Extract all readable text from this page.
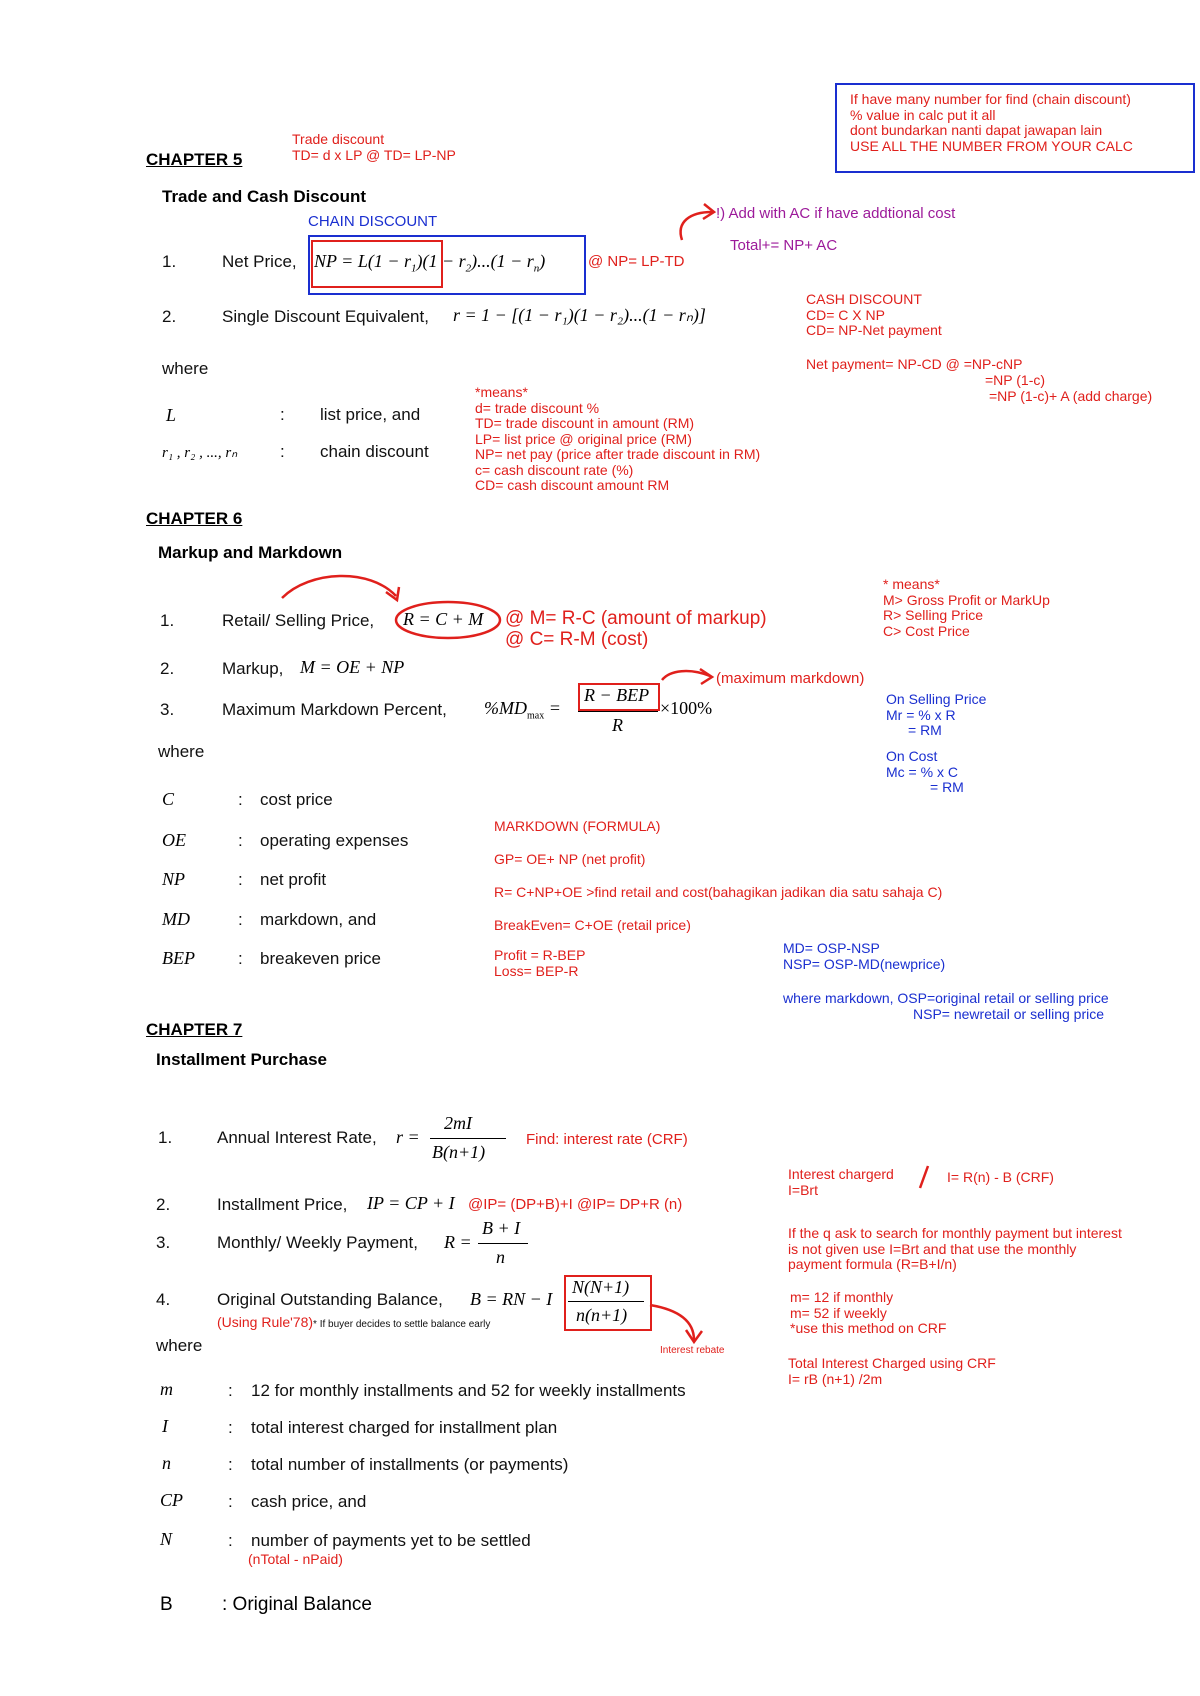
If have many number for find (chain discount)
% value in calc put it all
dont bundarkan nanti dapat jawapan lain
USE ALL THE NUMBER FROM YOUR CALC
CHAPTER 5
Trade discount
TD= d x LP @ TD= LP-NP
Trade and Cash Discount
CHAIN DISCOUNT	!) Add with AC if have addtional cost
Total+= NP+ AC
1.	Net Price, NP = $L(1 - r_1)(1 - r_2)...(1 - r_n)$	@ NP= LP-TD
2.	Single Discount Equivalent, r = 1 − [(1 − r₁)(1 − r₂)...(1 − rₙ)]
where
L	: list price, and
r₁ , r₂ , ..., rₙ	: chain discount
CASH DISCOUNT
CD= C X NP
CD= NP-Net payment
Net payment= NP-CD @ =NP-cNP
=NP (1-c)
=NP (1-c)+ A (add charge)
*means*
d= trade discount %
TD= trade discount in amount (RM)
LP= list price @ original price (RM)
NP= net pay (price after trade discount in RM)
c= cash discount rate (%)
CD= cash discount amount RM
CHAPTER 6
Markup and Markdown
1.	Retail/ Selling Price, R = C + M @ M= R-C (amount of markup)
@ C= R-M (cost)
2.	Markup, M = OE + NP
3.	Maximum Markdown Percent, $\%MD_{max}$ =
R − BEP
R
×100%
(maximum markdown)
where
* means*
M> Gross Profit or MarkUp
R> Selling Price
C> Cost Price
On Selling Price
Mr = % x R
= RM
On Cost
Mc = % x C
= RM
C	: cost price
OE	: operating expenses
NP	: net profit
MD	: markdown, and
BEP	: breakeven price
MARKDOWN (FORMULA)
GP= OE+ NP (net profit)
R= C+NP+OE >find retail and cost(bahagikan jadikan dia satu sahaja C)
BreakEven= C+OE (retail price)
Profit = R-BEP
Loss= BEP-R
MD= OSP-NSP
NSP= OSP-MD(newprice)
where markdown, OSP=original retail or selling price
NSP= newretail or selling price
CHAPTER 7
Installment Purchase
1.	Annual Interest Rate, r =
2mI
B(n+1)
Find: interest rate (CRF)
2.	Installment Price, IP = CP + I @IP= (DP+B)+I @IP= DP+R (n)
3.	Monthly/ Weekly Payment, R =
B + I
n
4.	Original Outstanding Balance, B = RN − I
N(N+1)
n(n+1)
(Using Rule'78)* If buyer decides to settle balance early
Interest rebate
where
Interest chargerd
I=Brt
I= R(n) - B (CRF)
If the q ask to search for monthly payment but interest
is not given use I=Brt and that use the monthly
payment formula (R=B+I/n)
m= 12 if monthly
m= 52 if weekly
*use this method on CRF
Total Interest Charged using CRF
I= rB (n+1) /2m
m	: 12 for monthly installments and 52 for weekly installments
I	: total interest charged for installment plan
n	: total number of installments (or payments)
CP	: cash price, and
N	: number of payments yet to be settled
(nTotal - nPaid)
B	: Original Balance
